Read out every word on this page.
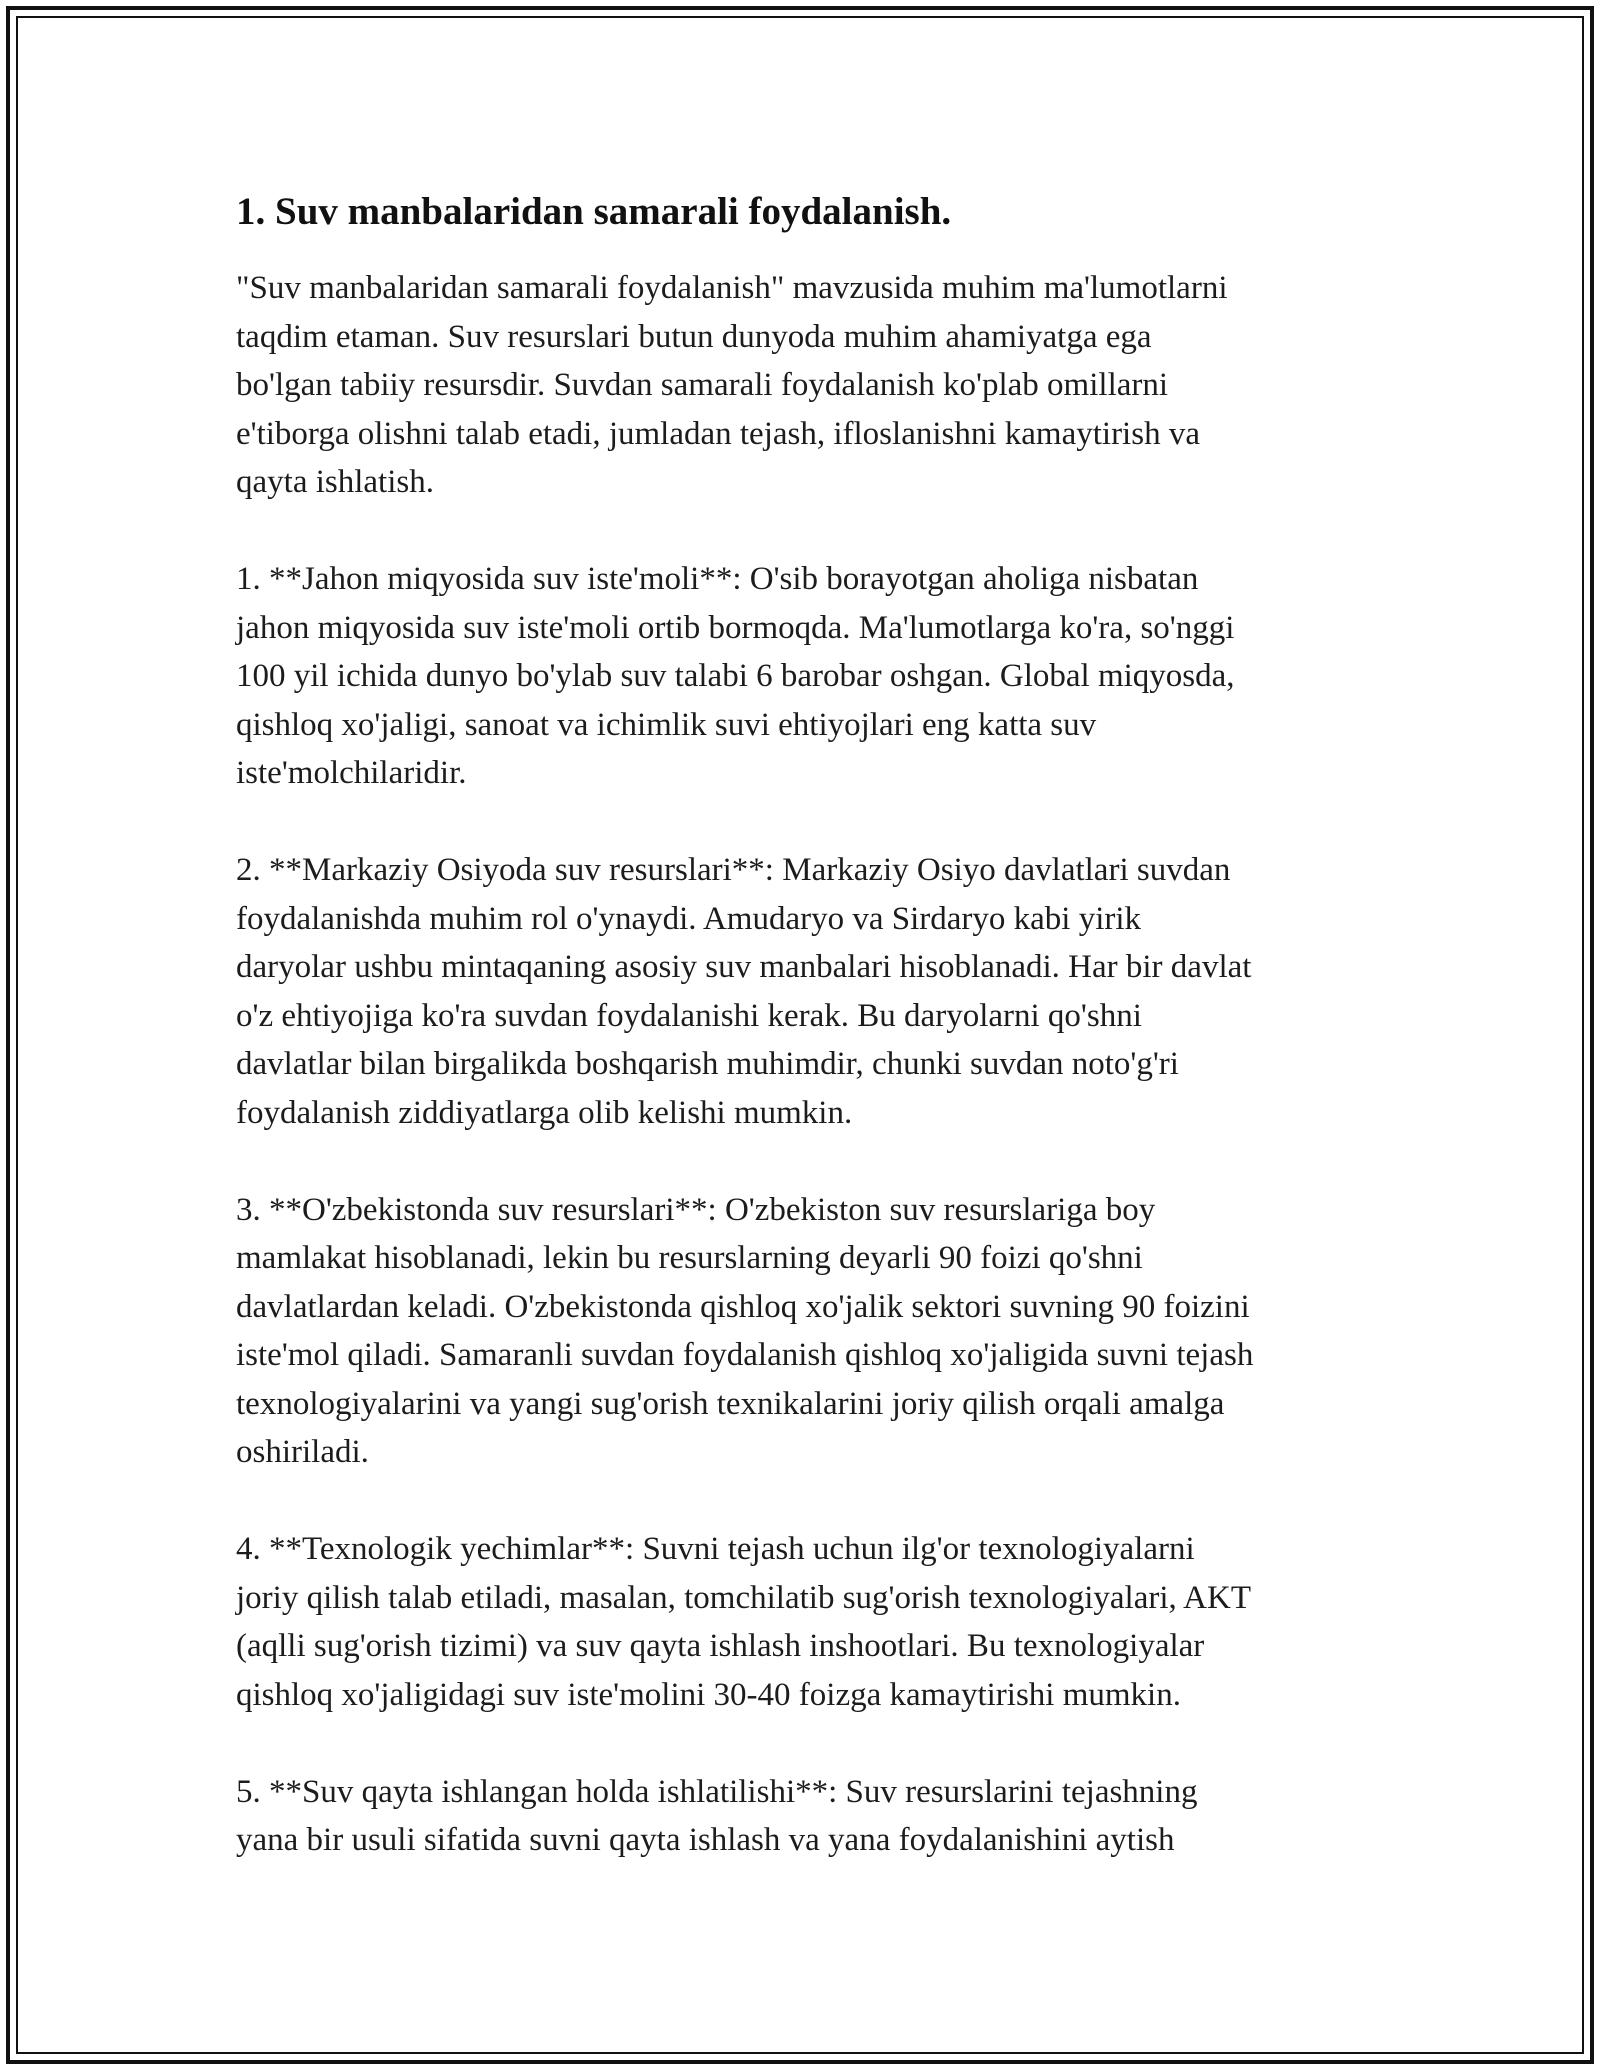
1. Suv manbalaridan samarali foydalanish.

"Suv manbalaridan samarali foydalanish" mavzusida muhim ma'lumotlarni
taqdim etaman. Suv resurslari butun dunyoda muhim ahamiyatga ega
bo'lgan tabiiy resursdir. Suvdan samarali foydalanish ko'plab omillarni
e'tiborga olishni talab etadi, jumladan tejash, ifloslanishni kamaytirish va
qayta ishlatish.

1. **Jahon miqyosida suv iste'moli**: O'sib borayotgan aholiga nisbatan
jahon miqyosida suv iste'moli ortib bormoqda. Ma'lumotlarga ko'ra, so'nggi
100 yil ichida dunyo bo'ylab suv talabi 6 barobar oshgan. Global miqyosda,
qishloq xo'jaligi, sanoat va ichimlik suvi ehtiyojlari eng katta suv
iste'molchilaridir.

2. **Markaziy Osiyoda suv resurslari**: Markaziy Osiyo davlatlari suvdan
foydalanishda muhim rol o'ynaydi. Amudaryo va Sirdaryo kabi yirik
daryolar ushbu mintaqaning asosiy suv manbalari hisoblanadi. Har bir davlat
o'z ehtiyojiga ko'ra suvdan foydalanishi kerak. Bu daryolarni qo'shni
davlatlar bilan birgalikda boshqarish muhimdir, chunki suvdan noto'g'ri
foydalanish ziddiyatlarga olib kelishi mumkin.

3. **O'zbekistonda suv resurslari**: O'zbekiston suv resurslariga boy
mamlakat hisoblanadi, lekin bu resurslarning deyarli 90 foizi qo'shni
davlatlardan keladi. O'zbekistonda qishloq xo'jalik sektori suvning 90 foizini
iste'mol qiladi. Samaranli suvdan foydalanish qishloq xo'jaligida suvni tejash
texnologiyalarini va yangi sug'orish texnikalarini joriy qilish orqali amalga
oshiriladi.

4. **Texnologik yechimlar**: Suvni tejash uchun ilg'or texnologiyalarni
joriy qilish talab etiladi, masalan, tomchilatib sug'orish texnologiyalari, AKT
(aqlli sug'orish tizimi) va suv qayta ishlash inshootlari. Bu texnologiyalar
qishloq xo'jaligidagi suv iste'molini 30-40 foizga kamaytirishi mumkin.

5. **Suv qayta ishlangan holda ishlatilishi**: Suv resurslarini tejashning
yana bir usuli sifatida suvni qayta ishlash va yana foydalanishini aytish
